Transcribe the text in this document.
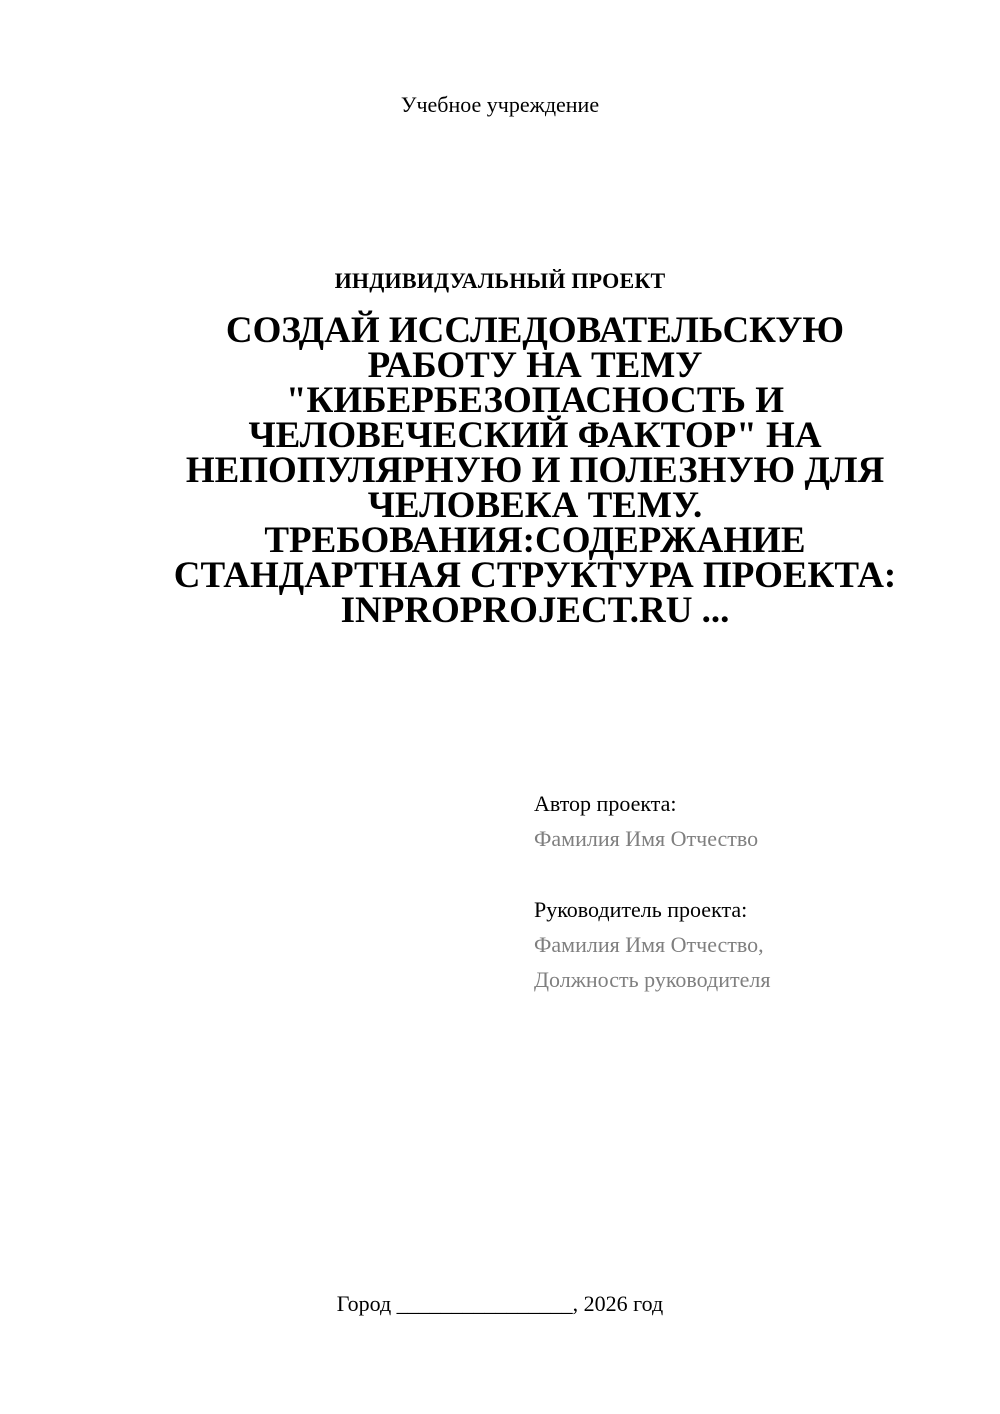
Учебное учреждение
ИНДИВИДУАЛЬНЫЙ ПРОЕКТ
СОЗДАЙ ИССЛЕДОВАТЕЛЬСКУЮ
РАБОТУ НА ТЕМУ
"КИБЕРБЕЗОПАСНОСТЬ И
ЧЕЛОВЕЧЕСКИЙ ФАКТОР" НА
НЕПОПУЛЯРНУЮ И ПОЛЕЗНУЮ ДЛЯ
ЧЕЛОВЕКА ТЕМУ.
ТРЕБОВАНИЯ:СОДЕРЖАНИЕ
СТАНДАРТНАЯ СТРУКТУРА ПРОЕКТА:
INPROPROJECT.RU ...
Автор проекта:
Фамилия Имя Отчество
Руководитель проекта:
Фамилия Имя Отчество,
Должность руководителя
Город ________________, 2026 год
